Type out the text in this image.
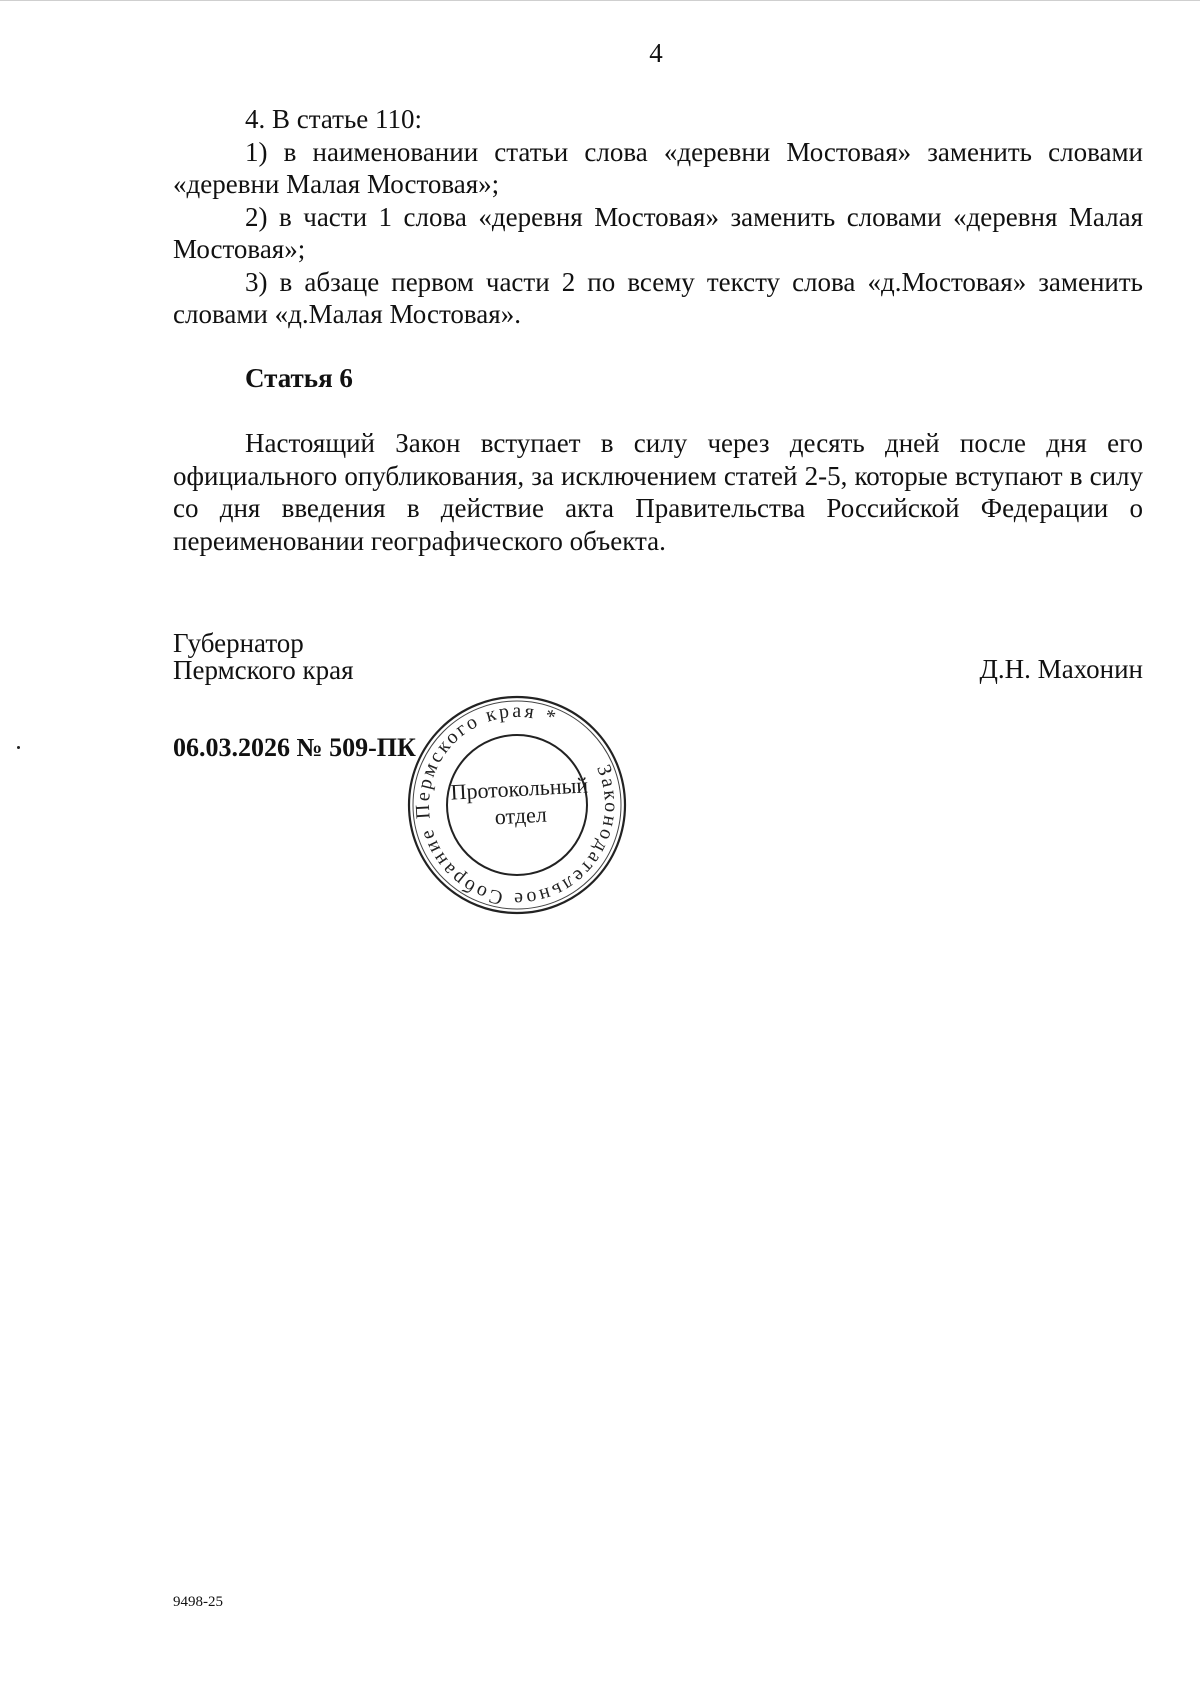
4

4. В статье 110:

1) в наименовании статьи слова «деревни Мостовая» заменить словами «деревни Малая Мостовая»;

2) в части 1 слова «деревня Мостовая» заменить словами «деревня Малая Мостовая»;

3) в абзаце первом части 2 по всему тексту слова «д.Мостовая» заменить словами «д.Малая Мостовая».

Статья 6

Настоящий Закон вступает в силу через десять дней после дня его официального опубликования, за исключением статей 2-5, которые вступают в силу со дня введения в действие акта Правительства Российской Федерации о переименовании географического объекта.

Губернатор
Пермского края	Д.Н. Махонин
06.03.2026 № 509-ПК
Законодательное Собрание Пермского края *
Протокольный
отдел
9498-25
